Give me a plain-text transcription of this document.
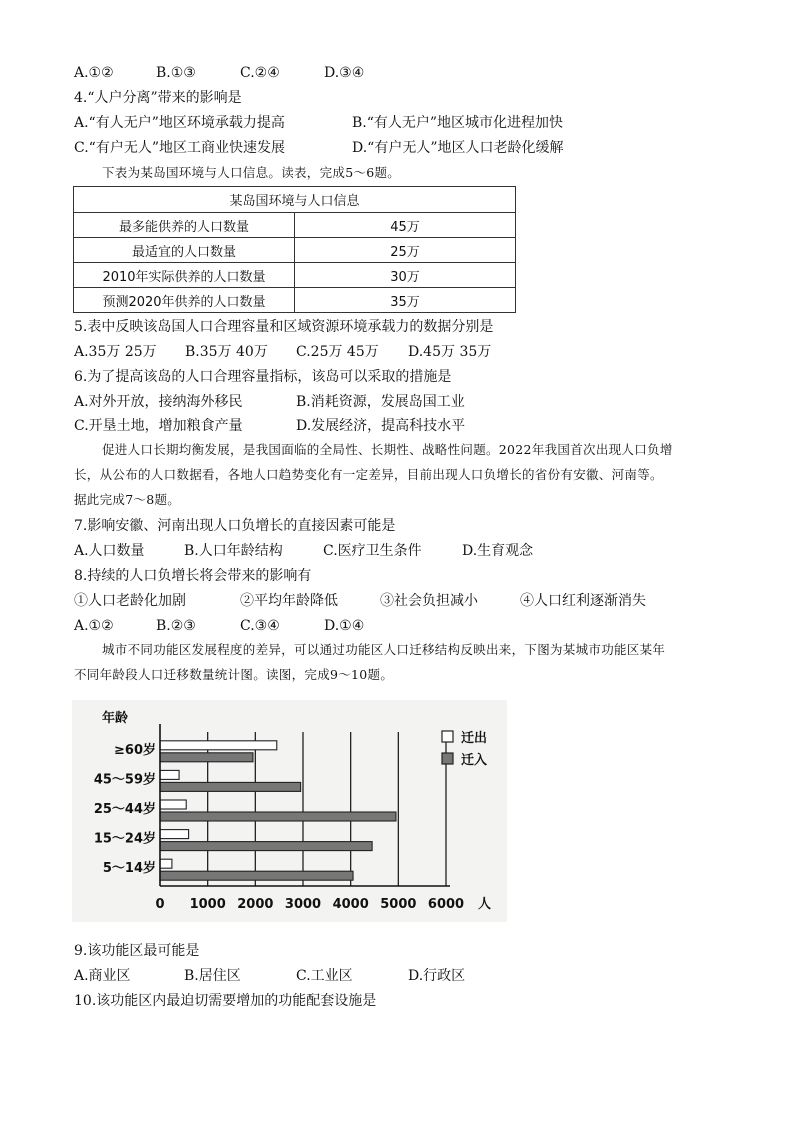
A.①②	B.①③	C.②④	D.③④
4.“人户分离”带来的影响是
A.“有人无户”地区环境承载力提高	B.“有人无户”地区城市化进程加快
C.“有户无人”地区工商业快速发展	D.“有户无人”地区人口老龄化缓解
下表为某岛国环境与人口信息。读表，完成5～6题。
某岛国环境与人口信息	
最多能供养的人口数量	45万
最适宜的人口数量	25万
2010年实际供养的人口数量	30万
预测2020年供养的人口数量	35万
5.表中反映该岛国人口合理容量和区域资源环境承载力的数据分别是
A.35万 25万 B.35万 40万 C.25万 45万 D.45万 35万
6.为了提高该岛的人口合理容量指标，该岛可以采取的措施是
A.对外开放，接纳海外移民	B.消耗资源，发展岛国工业
C.开垦土地，增加粮食产量	D.发展经济，提高科技水平
促进人口长期均衡发展，是我国面临的全局性、长期性、战略性问题。2022年我国首次出现人口负增
长，从公布的人口数据看，各地人口趋势变化有一定差异，目前出现人口负增长的省份有安徽、河南等。
据此完成7～8题。
7.影响安徽、河南出现人口负增长的直接因素可能是
A.人口数量	B.人口年龄结构	C.医疗卫生条件	D.生育观念
8.持续的人口负增长将会带来的影响有
①人口老龄化加剧	②平均年龄降低	③社会负担减小	④人口红利逐渐消失
A.①②	B.②③	C.③④	D.①④
城市不同功能区发展程度的差异，可以通过功能区人口迁移结构反映出来，下图为某城市功能区某年
不同年龄段人口迁移数量统计图。读图，完成9～10题。
0 1000 2000 3000 4000 5000 6000
≥60岁
45～59岁
25～44岁
15～24岁
5～14岁
年龄
人
迁出
迁入
9.该功能区最可能是
A.商业区	B.居住区	C.工业区	D.行政区
10.该功能区内最迫切需要增加的功能配套设施是
